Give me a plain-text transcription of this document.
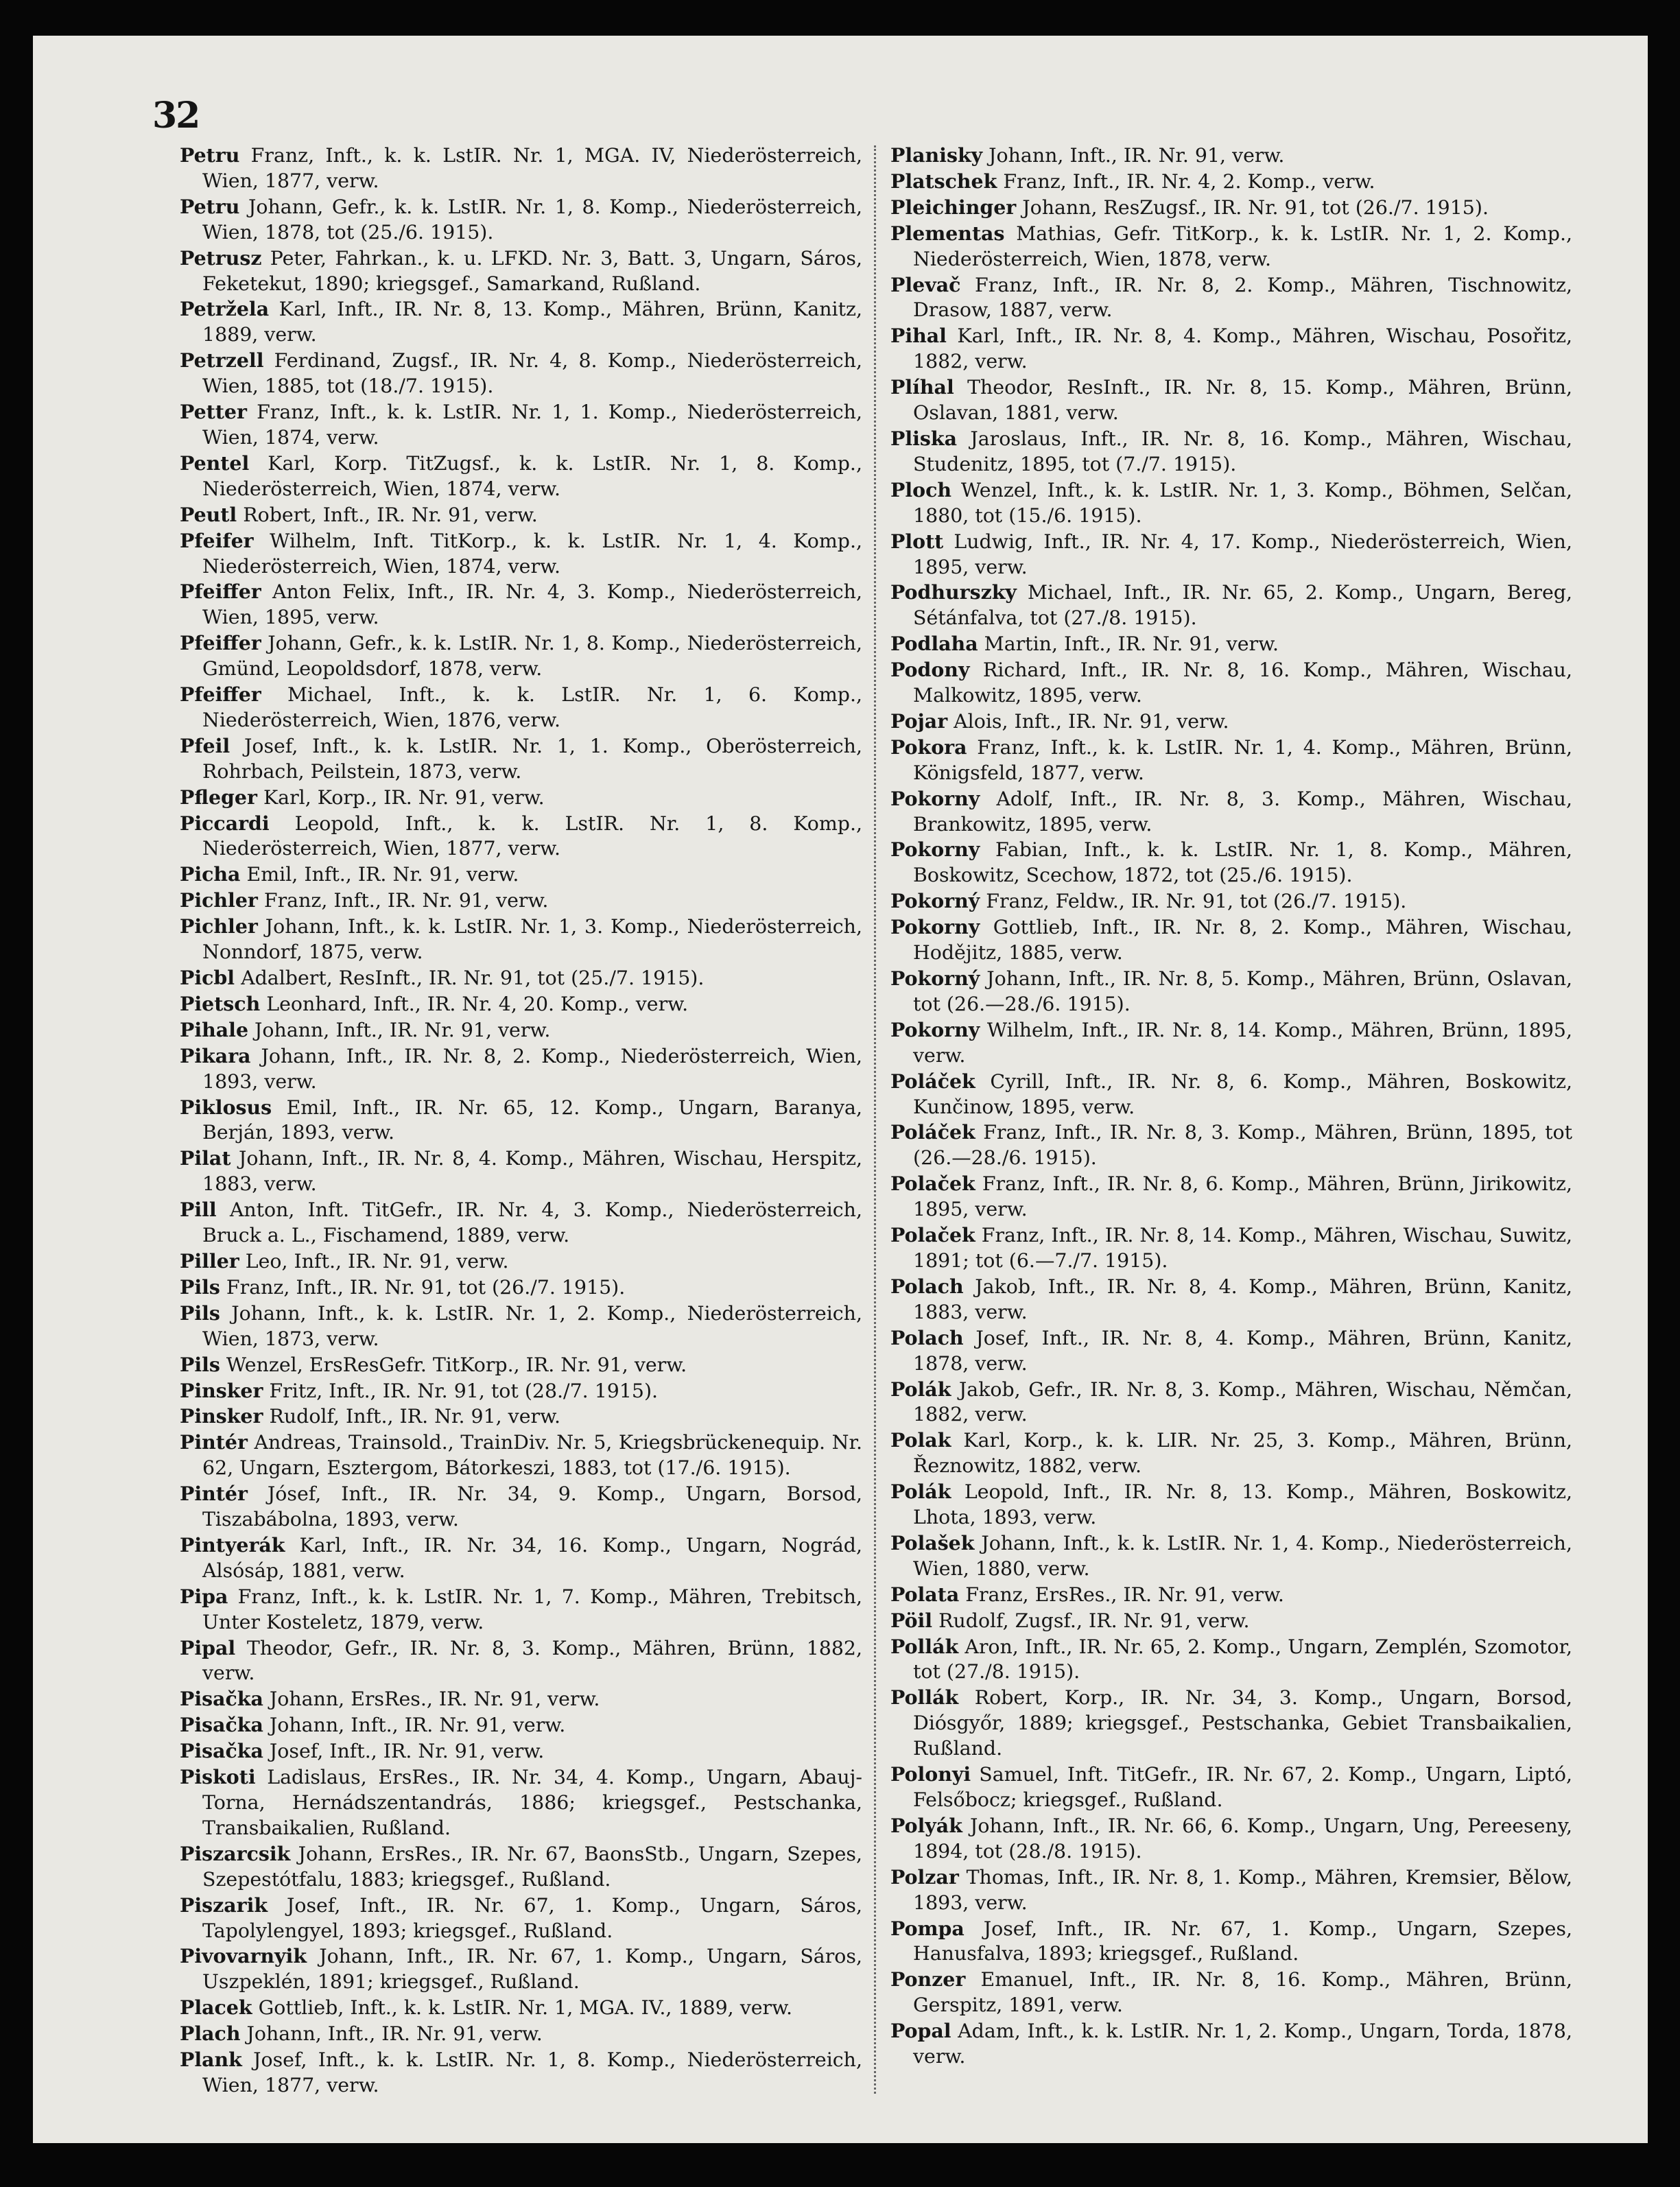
32
Petru Franz, Inft., k. k. LstIR. Nr. 1, MGA. IV, Niederösterreich, Wien, 1877, verw.
Petru Johann, Gefr., k. k. LstIR. Nr. 1, 8. Komp., Niederösterreich, Wien, 1878, tot (25./6. 1915).
Petrusz Peter, Fahrkan., k. u. LFKD. Nr. 3, Batt. 3, Ungarn, Sáros, Feketekut, 1890; kriegsgef., Samarkand, Rußland.
Petržela Karl, Inft., IR. Nr. 8, 13. Komp., Mähren, Brünn, Kanitz, 1889, verw.
Petrzell Ferdinand, Zugsf., IR. Nr. 4, 8. Komp., Niederösterreich, Wien, 1885, tot (18./7. 1915).
Petter Franz, Inft., k. k. LstIR. Nr. 1, 1. Komp., Niederösterreich, Wien, 1874, verw.
Pentel Karl, Korp. TitZugsf., k. k. LstIR. Nr. 1, 8. Komp., Niederösterreich, Wien, 1874, verw.
Peutl Robert, Inft., IR. Nr. 91, verw.
Pfeifer Wilhelm, Inft. TitKorp., k. k. LstIR. Nr. 1, 4. Komp., Niederösterreich, Wien, 1874, verw.
Pfeiffer Anton Felix, Inft., IR. Nr. 4, 3. Komp., Niederösterreich, Wien, 1895, verw.
Pfeiffer Johann, Gefr., k. k. LstIR. Nr. 1, 8. Komp., Niederösterreich, Gmünd, Leopoldsdorf, 1878, verw.
Pfeiffer Michael, Inft., k. k. LstIR. Nr. 1, 6. Komp., Niederösterreich, Wien, 1876, verw.
Pfeil Josef, Inft., k. k. LstIR. Nr. 1, 1. Komp., Oberösterreich, Rohrbach, Peilstein, 1873, verw.
Pfleger Karl, Korp., IR. Nr. 91, verw.
Piccardi Leopold, Inft., k. k. LstIR. Nr. 1, 8. Komp., Niederösterreich, Wien, 1877, verw.
Picha Emil, Inft., IR. Nr. 91, verw.
Pichler Franz, Inft., IR. Nr. 91, verw.
Pichler Johann, Inft., k. k. LstIR. Nr. 1, 3. Komp., Niederösterreich, Nonndorf, 1875, verw.
Picbl Adalbert, ResInft., IR. Nr. 91, tot (25./7. 1915).
Pietsch Leonhard, Inft., IR. Nr. 4, 20. Komp., verw.
Pihale Johann, Inft., IR. Nr. 91, verw.
Pikara Johann, Inft., IR. Nr. 8, 2. Komp., Niederösterreich, Wien, 1893, verw.
Piklosus Emil, Inft., IR. Nr. 65, 12. Komp., Ungarn, Baranya, Berján, 1893, verw.
Pilat Johann, Inft., IR. Nr. 8, 4. Komp., Mähren, Wischau, Herspitz, 1883, verw.
Pill Anton, Inft. TitGefr., IR. Nr. 4, 3. Komp., Niederösterreich, Bruck a. L., Fischamend, 1889, verw.
Piller Leo, Inft., IR. Nr. 91, verw.
Pils Franz, Inft., IR. Nr. 91, tot (26./7. 1915).
Pils Johann, Inft., k. k. LstIR. Nr. 1, 2. Komp., Niederösterreich, Wien, 1873, verw.
Pils Wenzel, ErsResGefr. TitKorp., IR. Nr. 91, verw.
Pinsker Fritz, Inft., IR. Nr. 91, tot (28./7. 1915).
Pinsker Rudolf, Inft., IR. Nr. 91, verw.
Pintér Andreas, Trainsold., TrainDiv. Nr. 5, Kriegsbrückenequip. Nr. 62, Ungarn, Esztergom, Bátorkeszi, 1883, tot (17./6. 1915).
Pintér Jósef, Inft., IR. Nr. 34, 9. Komp., Ungarn, Borsod, Tiszabábolna, 1893, verw.
Pintyerák Karl, Inft., IR. Nr. 34, 16. Komp., Ungarn, Nográd, Alsósáp, 1881, verw.
Pipa Franz, Inft., k. k. LstIR. Nr. 1, 7. Komp., Mähren, Trebitsch, Unter Kosteletz, 1879, verw.
Pipal Theodor, Gefr., IR. Nr. 8, 3. Komp., Mähren, Brünn, 1882, verw.
Pisačka Johann, ErsRes., IR. Nr. 91, verw.
Pisačka Johann, Inft., IR. Nr. 91, verw.
Pisačka Josef, Inft., IR. Nr. 91, verw.
Piskoti Ladislaus, ErsRes., IR. Nr. 34, 4. Komp., Ungarn, Abauj-Torna, Hernádszentandrás, 1886; kriegsgef., Pestschanka, Transbaikalien, Rußland.
Piszarcsik Johann, ErsRes., IR. Nr. 67, BaonsStb., Ungarn, Szepes, Szepestótfalu, 1883; kriegsgef., Rußland.
Piszarik Josef, Inft., IR. Nr. 67, 1. Komp., Ungarn, Sáros, Tapolylengyel, 1893; kriegsgef., Rußland.
Pivovarnyik Johann, Inft., IR. Nr. 67, 1. Komp., Ungarn, Sáros, Uszpeklén, 1891; kriegsgef., Rußland.
Placek Gottlieb, Inft., k. k. LstIR. Nr. 1, MGA. IV., 1889, verw.
Plach Johann, Inft., IR. Nr. 91, verw.
Plank Josef, Inft., k. k. LstIR. Nr. 1, 8. Komp., Niederösterreich, Wien, 1877, verw.
Planisky Johann, Inft., IR. Nr. 91, verw.
Platschek Franz, Inft., IR. Nr. 4, 2. Komp., verw.
Pleichinger Johann, ResZugsf., IR. Nr. 91, tot (26./7. 1915).
Plementas Mathias, Gefr. TitKorp., k. k. LstIR. Nr. 1, 2. Komp., Niederösterreich, Wien, 1878, verw.
Plevač Franz, Inft., IR. Nr. 8, 2. Komp., Mähren, Tischnowitz, Drasow, 1887, verw.
Pihal Karl, Inft., IR. Nr. 8, 4. Komp., Mähren, Wischau, Posořitz, 1882, verw.
Plíhal Theodor, ResInft., IR. Nr. 8, 15. Komp., Mähren, Brünn, Oslavan, 1881, verw.
Pliska Jaroslaus, Inft., IR. Nr. 8, 16. Komp., Mähren, Wischau, Studenitz, 1895, tot (7./7. 1915).
Ploch Wenzel, Inft., k. k. LstIR. Nr. 1, 3. Komp., Böhmen, Selčan, 1880, tot (15./6. 1915).
Plott Ludwig, Inft., IR. Nr. 4, 17. Komp., Niederösterreich, Wien, 1895, verw.
Podhurszky Michael, Inft., IR. Nr. 65, 2. Komp., Ungarn, Bereg, Sétánfalva, tot (27./8. 1915).
Podlaha Martin, Inft., IR. Nr. 91, verw.
Podony Richard, Inft., IR. Nr. 8, 16. Komp., Mähren, Wischau, Malkowitz, 1895, verw.
Pojar Alois, Inft., IR. Nr. 91, verw.
Pokora Franz, Inft., k. k. LstIR. Nr. 1, 4. Komp., Mähren, Brünn, Königsfeld, 1877, verw.
Pokorny Adolf, Inft., IR. Nr. 8, 3. Komp., Mähren, Wischau, Brankowitz, 1895, verw.
Pokorny Fabian, Inft., k. k. LstIR. Nr. 1, 8. Komp., Mähren, Boskowitz, Scechow, 1872, tot (25./6. 1915).
Pokorný Franz, Feldw., IR. Nr. 91, tot (26./7. 1915).
Pokorny Gottlieb, Inft., IR. Nr. 8, 2. Komp., Mähren, Wischau, Hodějitz, 1885, verw.
Pokorný Johann, Inft., IR. Nr. 8, 5. Komp., Mähren, Brünn, Oslavan, tot (26.—28./6. 1915).
Pokorny Wilhelm, Inft., IR. Nr. 8, 14. Komp., Mähren, Brünn, 1895, verw.
Poláček Cyrill, Inft., IR. Nr. 8, 6. Komp., Mähren, Boskowitz, Kunčinow, 1895, verw.
Poláček Franz, Inft., IR. Nr. 8, 3. Komp., Mähren, Brünn, 1895, tot (26.—28./6. 1915).
Polaček Franz, Inft., IR. Nr. 8, 6. Komp., Mähren, Brünn, Jirikowitz, 1895, verw.
Polaček Franz, Inft., IR. Nr. 8, 14. Komp., Mähren, Wischau, Suwitz, 1891; tot (6.—7./7. 1915).
Polach Jakob, Inft., IR. Nr. 8, 4. Komp., Mähren, Brünn, Kanitz, 1883, verw.
Polach Josef, Inft., IR. Nr. 8, 4. Komp., Mähren, Brünn, Kanitz, 1878, verw.
Polák Jakob, Gefr., IR. Nr. 8, 3. Komp., Mähren, Wischau, Němčan, 1882, verw.
Polak Karl, Korp., k. k. LIR. Nr. 25, 3. Komp., Mähren, Brünn, Řeznowitz, 1882, verw.
Polák Leopold, Inft., IR. Nr. 8, 13. Komp., Mähren, Boskowitz, Lhota, 1893, verw.
Polašek Johann, Inft., k. k. LstIR. Nr. 1, 4. Komp., Niederösterreich, Wien, 1880, verw.
Polata Franz, ErsRes., IR. Nr. 91, verw.
Pöil Rudolf, Zugsf., IR. Nr. 91, verw.
Pollák Aron, Inft., IR. Nr. 65, 2. Komp., Ungarn, Zemplén, Szomotor, tot (27./8. 1915).
Pollák Robert, Korp., IR. Nr. 34, 3. Komp., Ungarn, Borsod, Diósgyőr, 1889; kriegsgef., Pestschanka, Gebiet Transbaikalien, Rußland.
Polonyi Samuel, Inft. TitGefr., IR. Nr. 67, 2. Komp., Ungarn, Liptó, Felsőbocz; kriegsgef., Rußland.
Polyák Johann, Inft., IR. Nr. 66, 6. Komp., Ungarn, Ung, Pereeseny, 1894, tot (28./8. 1915).
Polzar Thomas, Inft., IR. Nr. 8, 1. Komp., Mähren, Kremsier, Bělow, 1893, verw.
Pompa Josef, Inft., IR. Nr. 67, 1. Komp., Ungarn, Szepes, Hanusfalva, 1893; kriegsgef., Rußland.
Ponzer Emanuel, Inft., IR. Nr. 8, 16. Komp., Mähren, Brünn, Gerspitz, 1891, verw.
Popal Adam, Inft., k. k. LstIR. Nr. 1, 2. Komp., Ungarn, Torda, 1878, verw.
